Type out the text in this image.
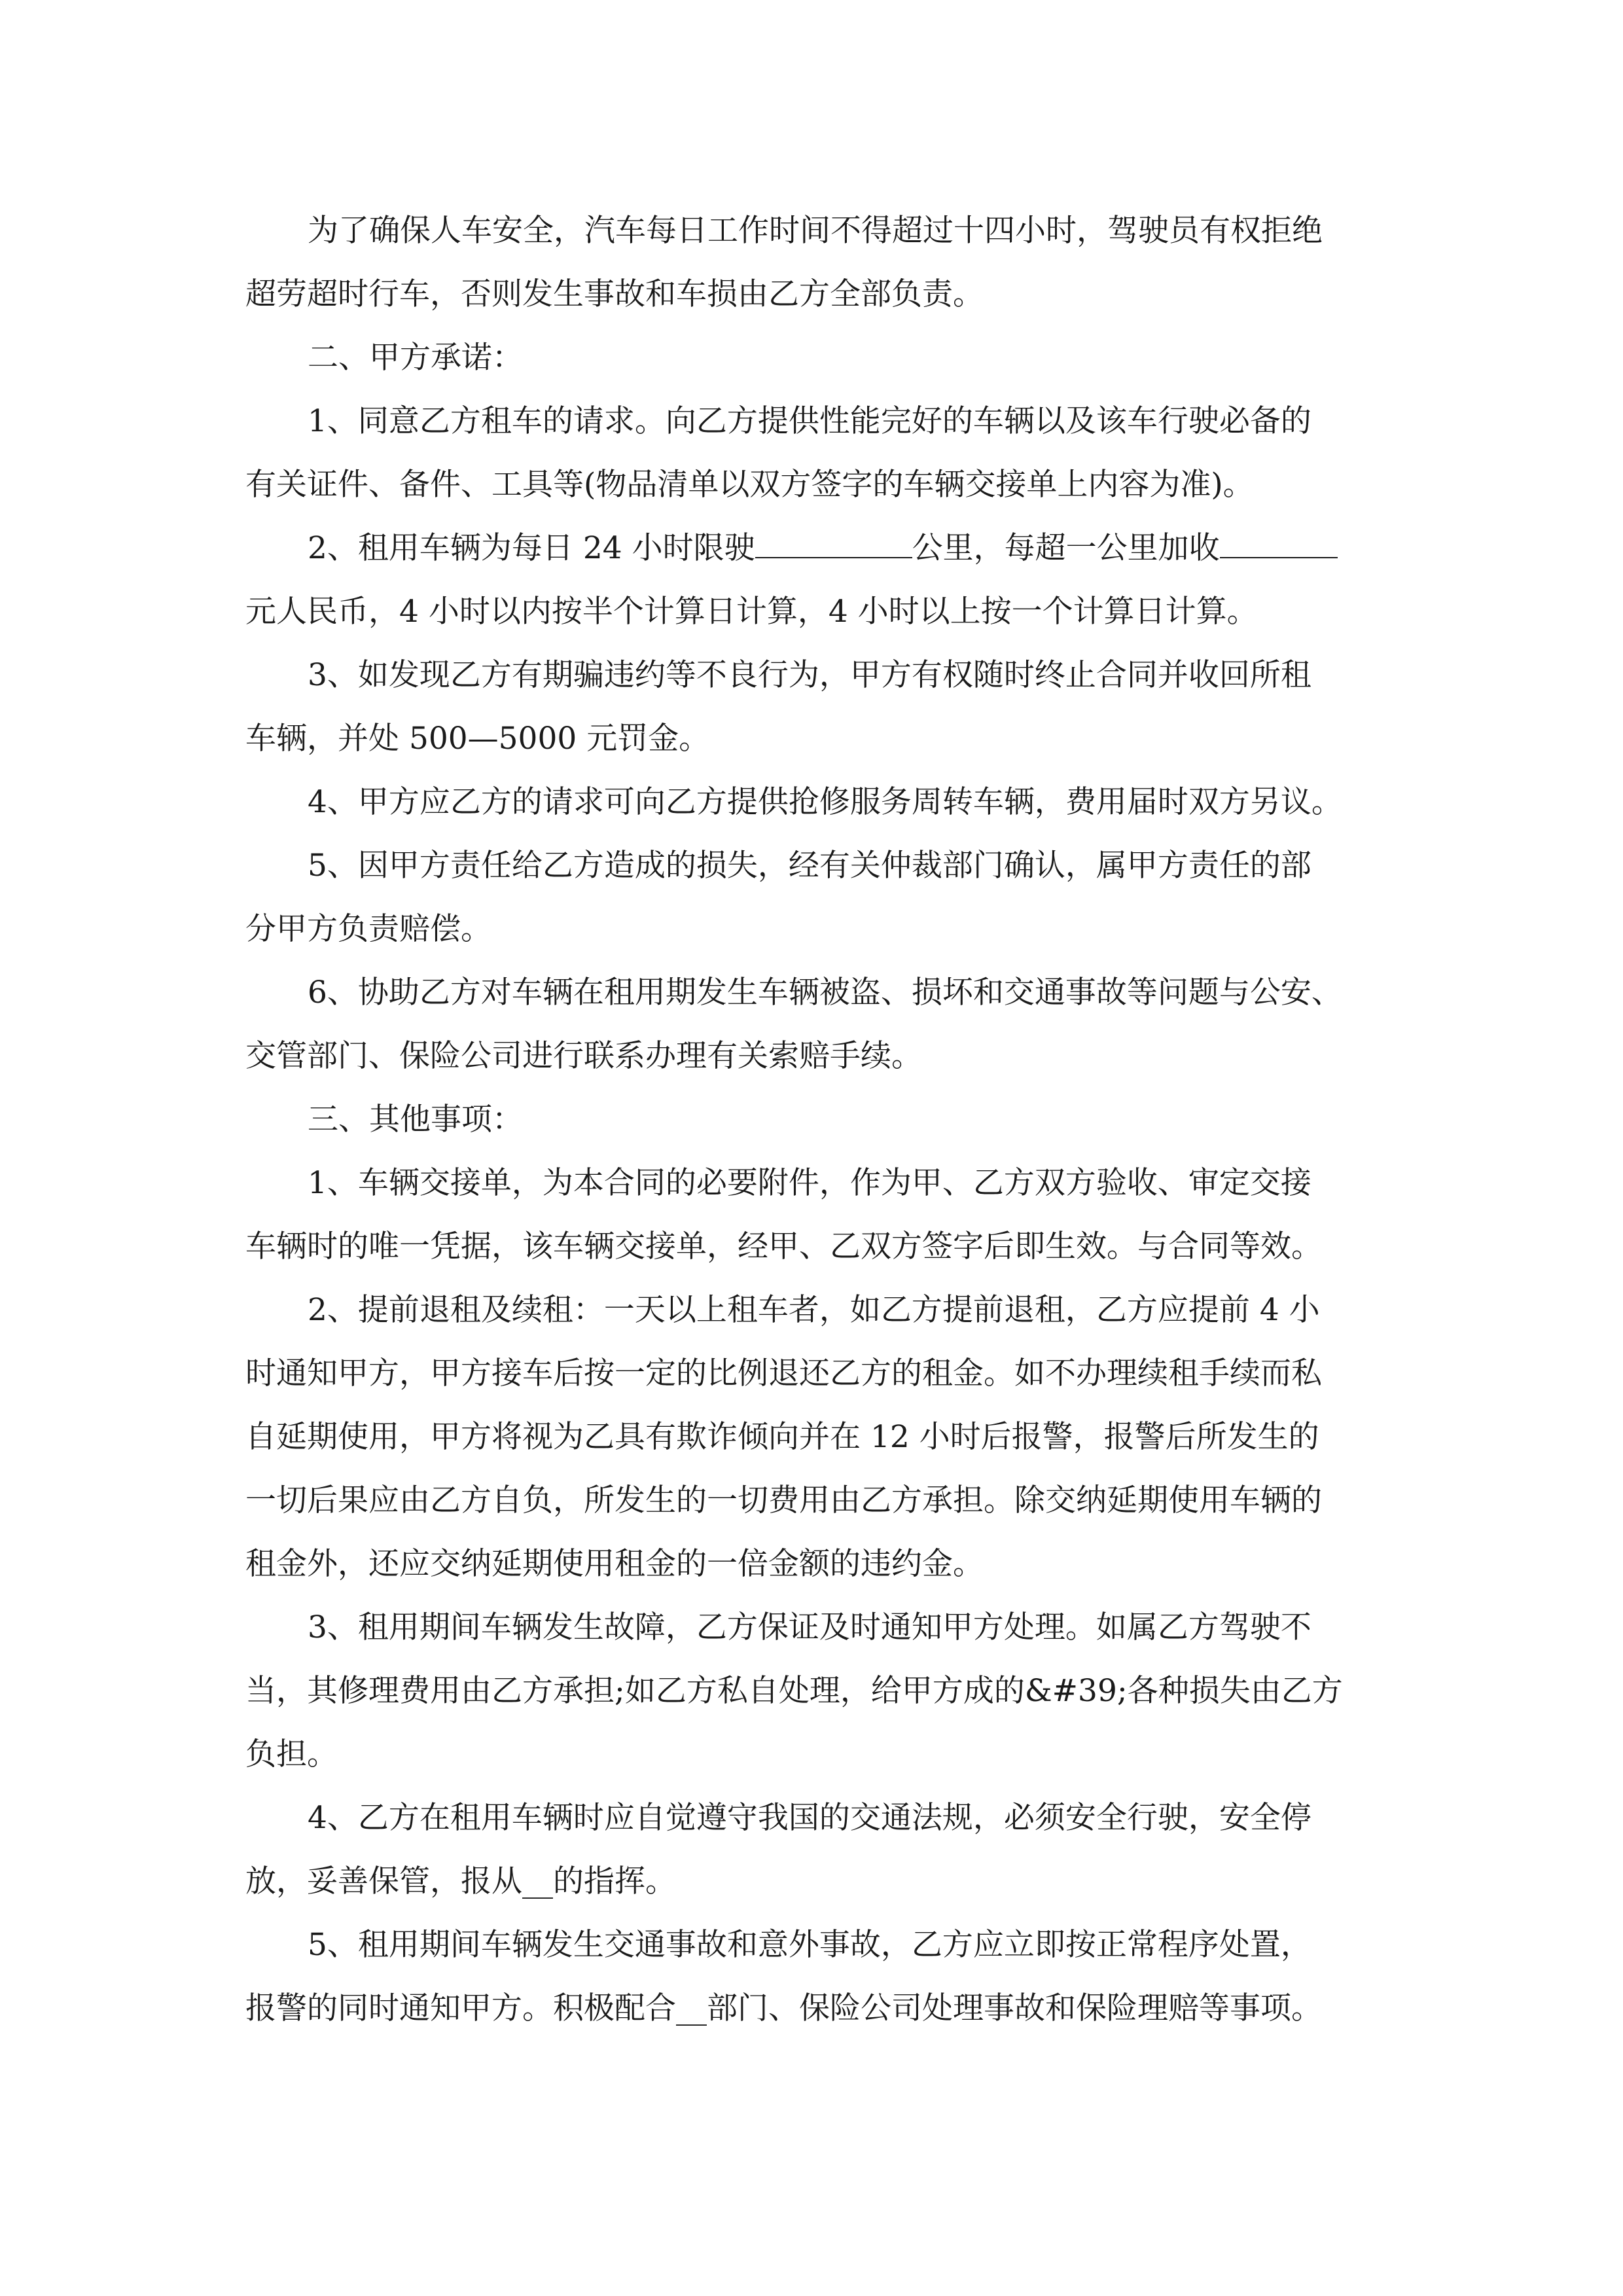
为了确保人车安全，汽车每日工作时间不得超过十四小时，驾驶员有权拒绝
超劳超时行车，否则发生事故和车损由乙方全部负责。
二、甲方承诺：
1、同意乙方租车的请求。向乙方提供性能完好的车辆以及该车行驶必备的
有关证件、备件、工具等(物品清单以双方签字的车辆交接单上内容为准)。
2、租用车辆为每日 24 小时限驶	公里，每超一公里加收
元人民币，4 小时以内按半个计算日计算，4 小时以上按一个计算日计算。
3、如发现乙方有期骗违约等不良行为，甲方有权随时终止合同并收回所租
车辆，并处 500—5000 元罚金。
4、甲方应乙方的请求可向乙方提供抢修服务周转车辆，费用届时双方另议。
5、因甲方责任给乙方造成的损失，经有关仲裁部门确认，属甲方责任的部
分甲方负责赔偿。
6、协助乙方对车辆在租用期发生车辆被盗、损坏和交通事故等问题与公安、
交管部门、保险公司进行联系办理有关索赔手续。
三、其他事项：
1、车辆交接单，为本合同的必要附件，作为甲、乙方双方验收、审定交接
车辆时的唯一凭据，该车辆交接单，经甲、乙双方签字后即生效。与合同等效。
2、提前退租及续租：一天以上租车者，如乙方提前退租，乙方应提前 4 小
时通知甲方，甲方接车后按一定的比例退还乙方的租金。如不办理续租手续而私
自延期使用，甲方将视为乙具有欺诈倾向并在 12 小时后报警，报警后所发生的
一切后果应由乙方自负，所发生的一切费用由乙方承担。除交纳延期使用车辆的
租金外，还应交纳延期使用租金的一倍金额的违约金。
3、租用期间车辆发生故障，乙方保证及时通知甲方处理。如属乙方驾驶不
当，其修理费用由乙方承担;如乙方私自处理，给甲方成的&#39;各种损失由乙方
负担。
4、乙方在租用车辆时应自觉遵守我国的交通法规，必须安全行驶，安全停
放，妥善保管，报从__的指挥。
5、租用期间车辆发生交通事故和意外事故，乙方应立即按正常程序处置，
报警的同时通知甲方。积极配合__部门、保险公司处理事故和保险理赔等事项。
